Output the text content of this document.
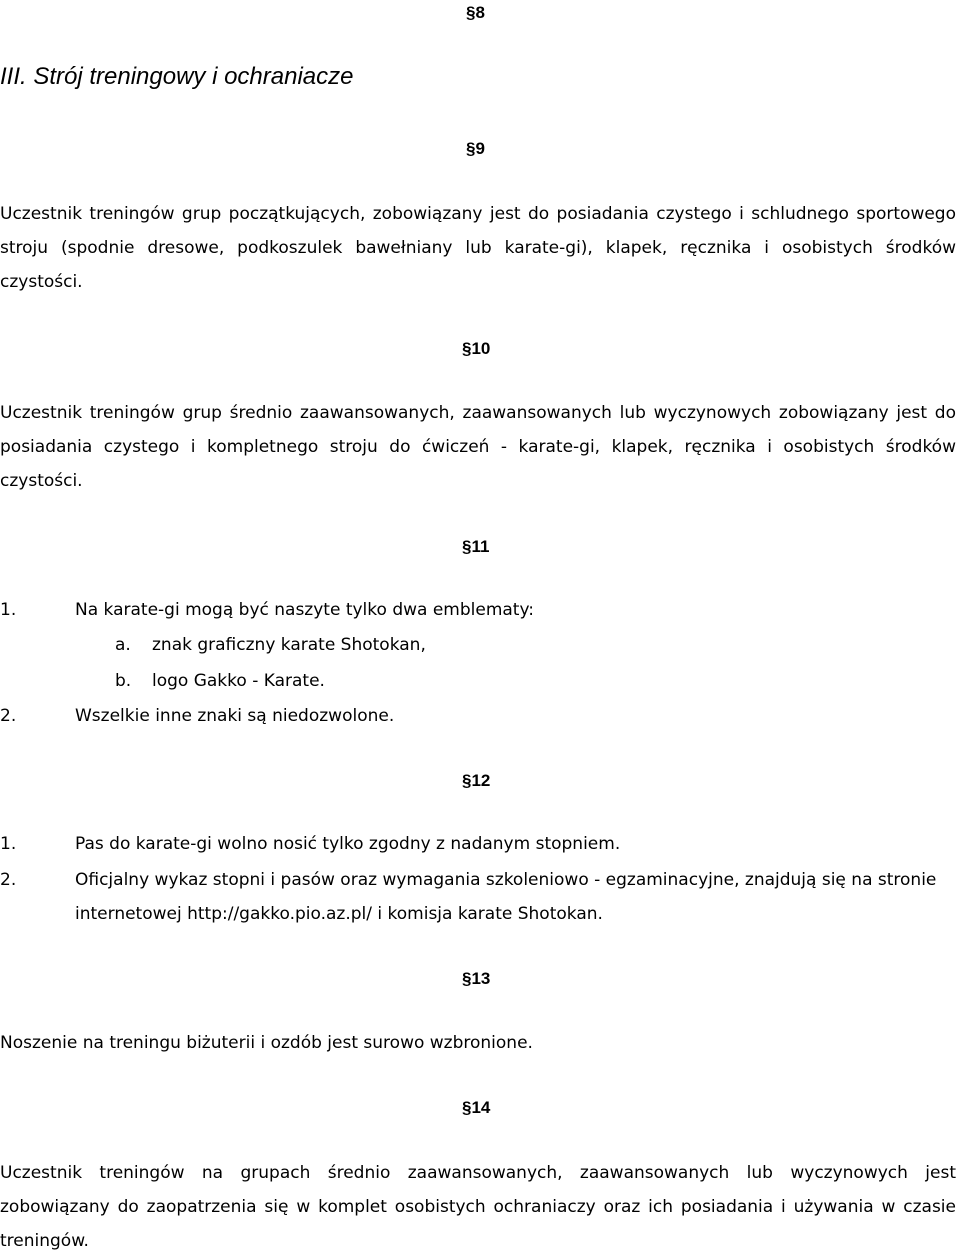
§8
III. Strój treningowy i ochraniacze
§9
Uczestnik treningów grup początkujących, zobowiązany jest do posiadania czystego i schludnego sportowego stroju (spodnie dresowe, podkoszulek bawełniany lub karate-gi), klapek, ręcznika i osobistych środków czystości.
§10
Uczestnik treningów grup średnio zaawansowanych, zaawansowanych lub wyczynowych zobowiązany jest do posiadania czystego i kompletnego stroju do ćwiczeń - karate-gi, klapek, ręcznika i osobistych środków czystości.
§11
1.	Na karate-gi mogą być naszyte tylko dwa emblematy:
a. znak graficzny karate Shotokan,
b. logo Gakko - Karate.
2.	Wszelkie inne znaki są niedozwolone.
§12
1.	Pas do karate-gi wolno nosić tylko zgodny z nadanym stopniem.
2.	Oficjalny wykaz stopni i pasów oraz wymagania szkoleniowo - egzaminacyjne, znajdują się na stronie internetowej http://gakko.pio.az.pl/ i komisja karate Shotokan.
§13
Noszenie na treningu biżuterii i ozdób jest surowo wzbronione.
§14
Uczestnik treningów na grupach średnio zaawansowanych, zaawansowanych lub wyczynowych jest zobowiązany do zaopatrzenia się w komplet osobistych ochraniaczy oraz ich posiadania i używania w czasie treningów.
